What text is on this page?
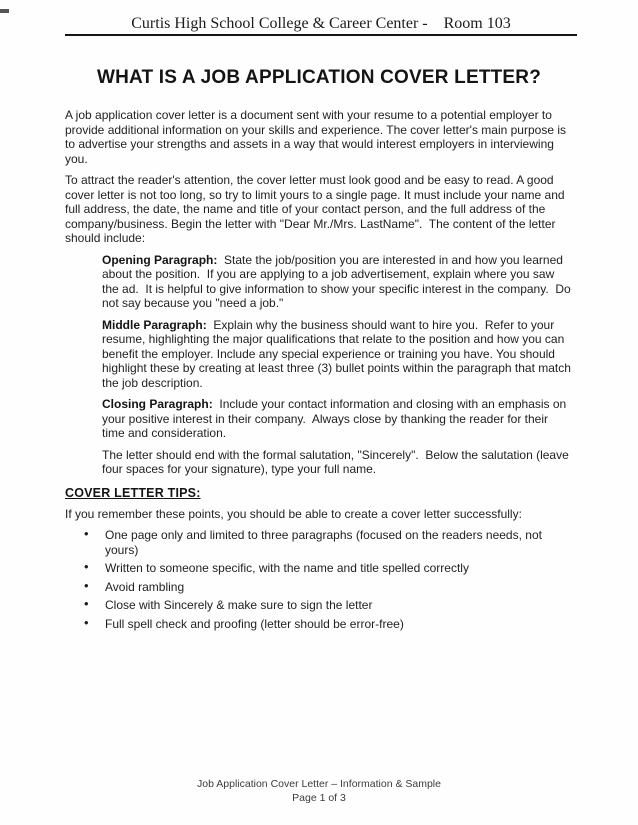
Curtis High School College & Career Center -    Room 103
WHAT IS A JOB APPLICATION COVER LETTER?

A job application cover letter is a document sent with your resume to a potential employer to provide additional information on your skills and experience. The cover letter's main purpose is to advertise your strengths and assets in a way that would interest employers in interviewing you.

To attract the reader's attention, the cover letter must look good and be easy to read. A good cover letter is not too long, so try to limit yours to a single page. It must include your name and full address, the date, the name and title of your contact person, and the full address of the company/business. Begin the letter with "Dear Mr./Mrs. LastName".  The content of the letter should include:

Opening Paragraph:  State the job/position you are interested in and how you learned about the position.  If you are applying to a job advertisement, explain where you saw the ad.  It is helpful to give information to show your specific interest in the company.  Do not say because you "need a job."

Middle Paragraph:  Explain why the business should want to hire you.  Refer to your resume, highlighting the major qualifications that relate to the position and how you can benefit the employer. Include any special experience or training you have. You should highlight these by creating at least three (3) bullet points within the paragraph that match the job description.

Closing Paragraph:  Include your contact information and closing with an emphasis on your positive interest in their company.  Always close by thanking the reader for their time and consideration.

The letter should end with the formal salutation, "Sincerely".  Below the salutation (leave four spaces for your signature), type your full name.

COVER LETTER TIPS:

If you remember these points, you should be able to create a cover letter successfully:

• One page only and limited to three paragraphs (focused on the readers needs, not yours)
• Written to someone specific, with the name and title spelled correctly
• Avoid rambling
• Close with Sincerely & make sure to sign the letter
• Full spell check and proofing (letter should be error-free)
Job Application Cover Letter – Information & Sample
Page 1 of 3
